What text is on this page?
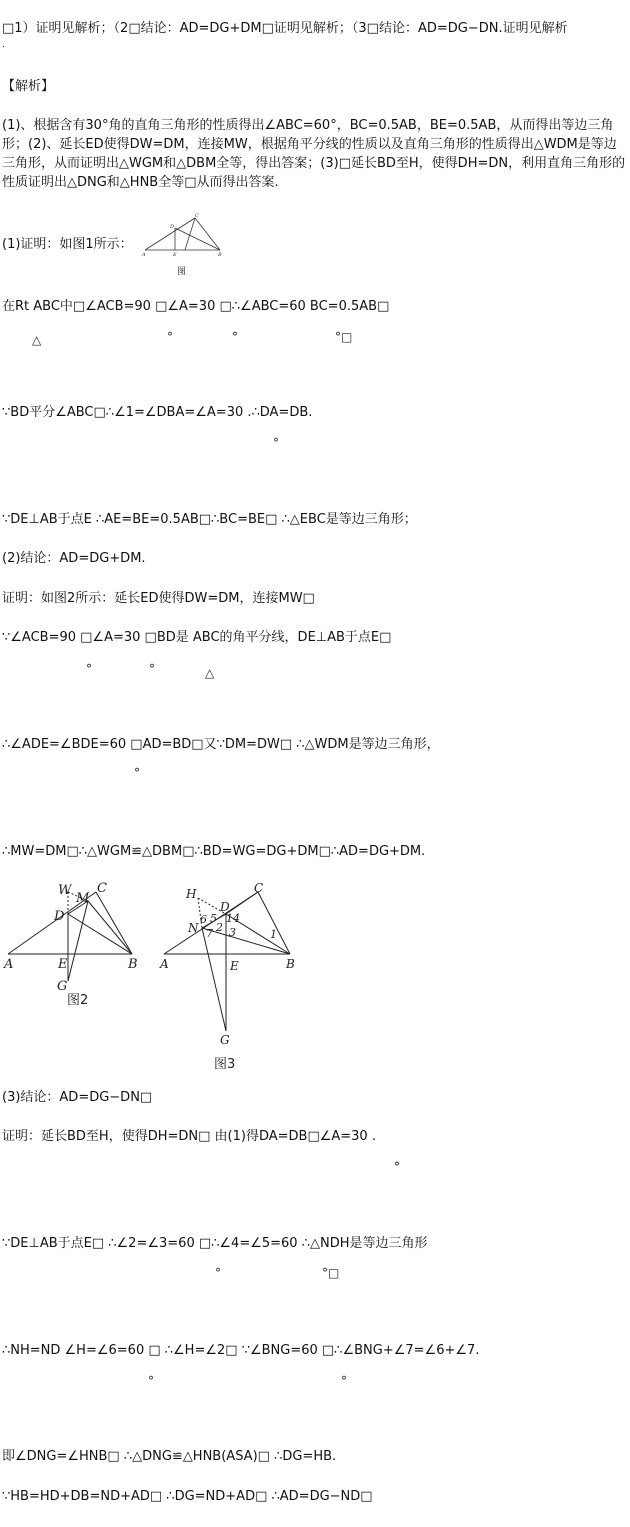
□1）证明见解析；（2□结论：AD=DG+DM□证明见解析；（3□结论：AD=DG−DN.证明见解析
.
【解析】
(1)、根据含有30°角的直角三角形的性质得出∠ABC=60°，BC=0.5AB，BE=0.5AB，从而得出等边三角形；(2)、延长ED使得DW=DM，连接MW，根据角平分线的性质以及直角三角形的性质得出△WDM是等边三角形，从而证明出△WGM和△DBM全等，得出答案；(3)□延长BD至H，使得DH=DN，利用直角三角形的性质证明出△DNG和△HNB全等□从而得出答案.
(1)证明：如图1所示：
A	E	B
C
D
图
在Rt ABC中□∠ACB=90 □∠A=30 □∴∠ABC=60 BC=0.5AB□
△	°	°	°□
∵BD平分∠ABC□∴∠1=∠DBA=∠A=30 .∴DA=DB.
°
∵DE⊥AB于点E ∴AE=BE=0.5AB□∴BC=BE□ ∴△EBC是等边三角形；
(2)结论：AD=DG+DM.
证明：如图2所示：延长ED使得DW=DM，连接MW□
∵∠ACB=90 □∠A=30 □BD是 ABC的角平分线，DE⊥AB于点E□
°	°	△
∴∠ADE=∠BDE=60 □AD=BD□又∵DM=DW□ ∴△WDM是等边三角形，
°
∴MW=DM□∴△WGM≌△DBM□∴BD=WG=DG+DM□∴AD=DG+DM.
W
M
C
D
A	E	B
G
图2
H	C
D
N
A	E	B
G
6 5 1 4
7 2 3	1
图3
(3)结论：AD=DG−DN□
证明：延长BD至H，使得DH=DN□ 由(1)得DA=DB□∠A=30 .
°
∵DE⊥AB于点E□ ∴∠2=∠3=60 □∴∠4=∠5=60 ∴△NDH是等边三角形
°	°□
∴NH=ND ∠H=∠6=60 □ ∴∠H=∠2□ ∵∠BNG=60 □∴∠BNG+∠7=∠6+∠7.
°	°
即∠DNG=∠HNB□ ∴△DNG≌△HNB(ASA)□ ∴DG=HB.
∵HB=HD+DB=ND+AD□ ∴DG=ND+AD□ ∴AD=DG−ND□
